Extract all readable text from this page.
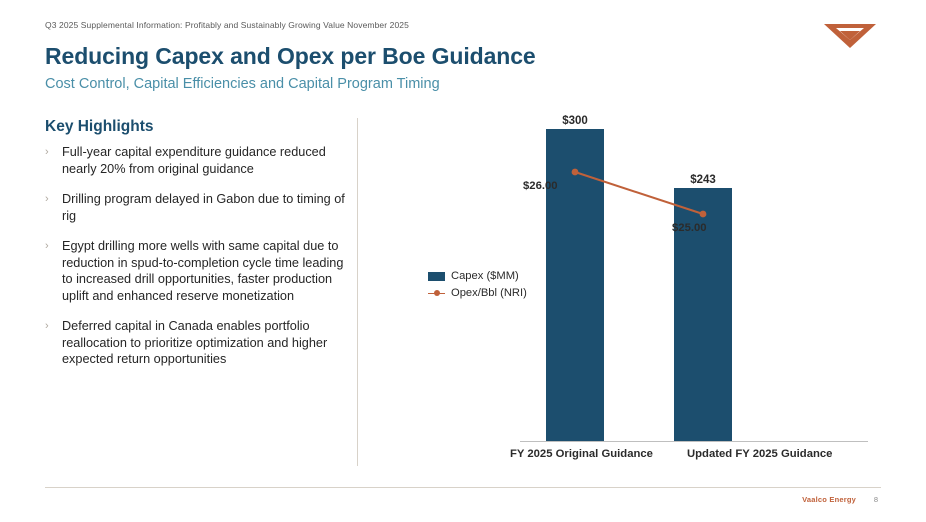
Q3 2025 Supplemental Information: Profitably and Sustainably Growing Value November 2025
Reducing Capex and Opex per Boe Guidance
Cost Control, Capital Efficiencies and Capital Program Timing
Key Highlights
› Full-year capital expenditure guidance reduced nearly 20% from original guidance
› Drilling program delayed in Gabon due to timing of rig
› Egypt drilling more wells with same capital due to reduction in spud-to-completion cycle time leading to increased drill opportunities, faster production uplift and enhanced reserve monetization
› Deferred capital in Canada enables portfolio reallocation to prioritize optimization and higher expected return opportunities
$300
$243
$26.00
$25.00
Capex ($MM)
Opex/Bbl (NRI)
FY 2025 Original Guidance	Updated FY 2025 Guidance
Vaalco Energy 8
